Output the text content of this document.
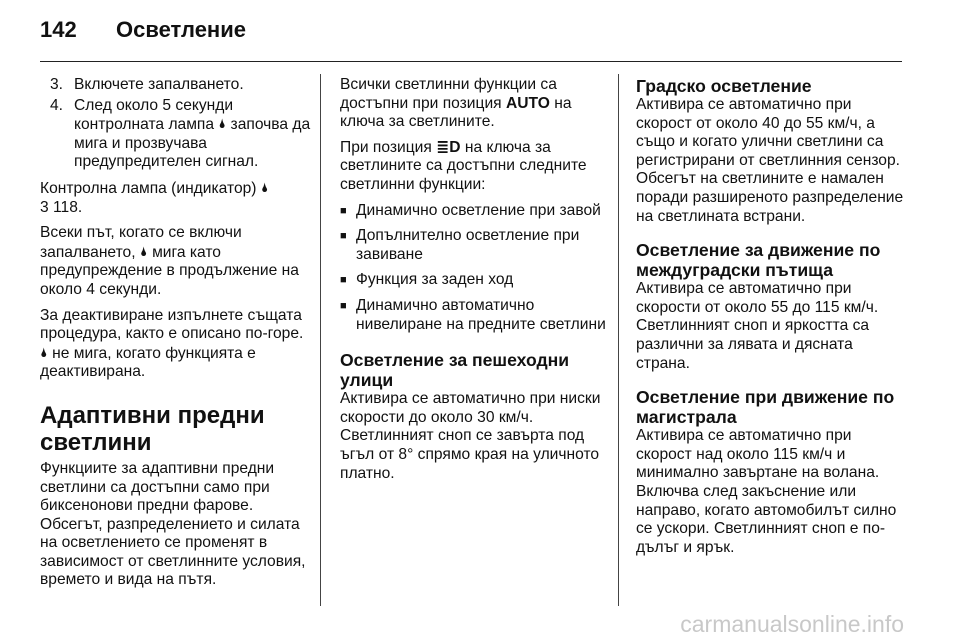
142 Осветление
3. Включете запалването.
4. След около 5 секунди контролната лампа 🌢 започва да мига и прозвучава предупредителен сигнал.

Контролна лампа (индикатор) 🌢
3 118.

Всеки път, когато се включи запалването, 🌢 мига като предупреждение в продължение на около 4 секунди.

За деактивиране изпълнете същата процедура, както е описано по-горе. 🌢 не мига, когато функцията е деактивирана.

Адаптивни предни светлини

Функциите за адаптивни предни светлини са достъпни само при биксенонови предни фарове. Обсегът, разпределението и силата на осветлението се променят в зависимост от светлинните условия, времето и вида на пътя.

Всички светлинни функции са достъпни при позиция AUTO на ключа за светлините.

При позиция ≣D на ключа за светлините са достъпни следните светлинни функции:

■ Динамично осветление при завой
■ Допълнително осветление при завиване
■ Функция за заден ход
■ Динамично автоматично нивелиране на предните светлини
Осветление за пешеходни улици

Активира се автоматично при ниски скорости до около 30 км/ч. Светлинният сноп се завърта под ъгъл от 8° спрямо края на уличното платно.

Градско осветление

Активира се автоматично при скорост от около 40 до 55 км/ч, а също и когато улични светлини са регистрирани от светлинния сензор. Обсегът на светлините е намален поради разширеното разпределение на светлината встрани.

Осветление за движение по междуградски пътища

Активира се автоматично при скорости от около 55 до 115 км/ч. Светлинният сноп и яркостта са различни за лявата и дясната страна.

Осветление при движение по магистрала

Активира се автоматично при скорост над около 115 км/ч и минимално завъртане на волана. Включва след закъснение или направо, когато автомобилът силно се ускори. Светлинният сноп е по-дълъг и ярък.

carmanualsonline.info
